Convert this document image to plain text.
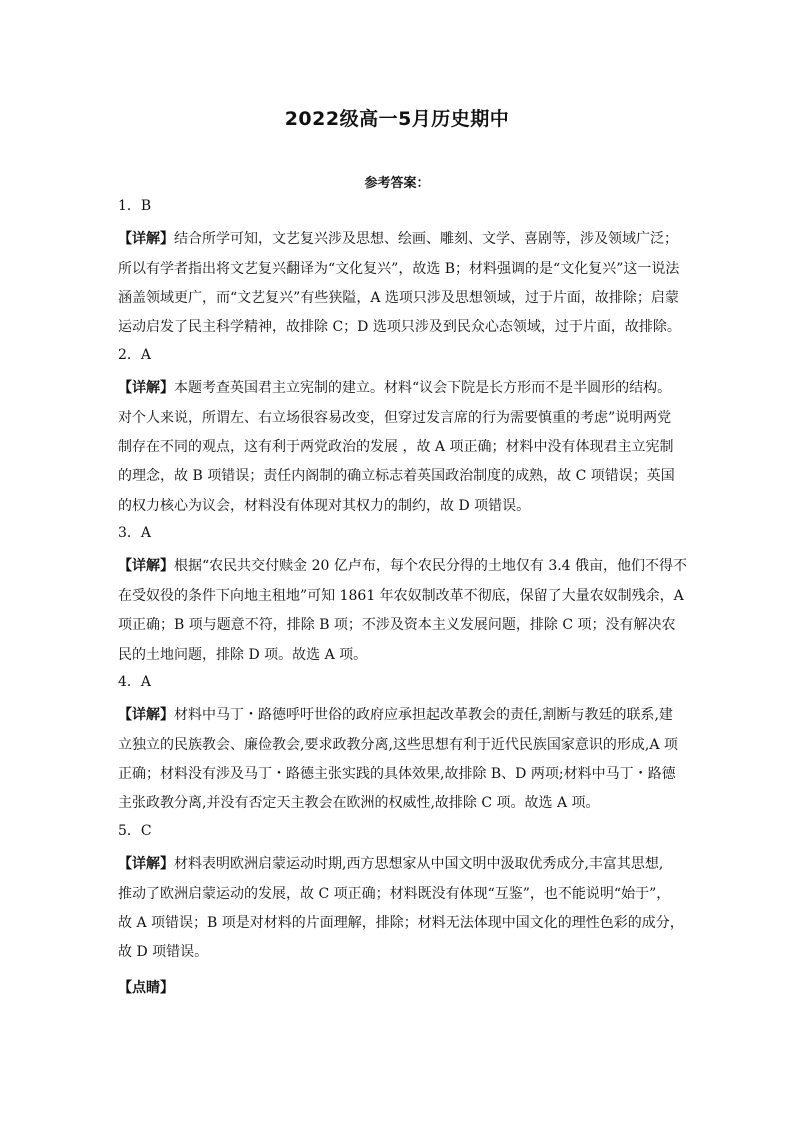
2022级高一5月历史期中
参考答案：
1．B
【详解】结合所学可知，文艺复兴涉及思想、绘画、雕刻、文学、喜剧等，涉及领域广泛；
所以有学者指出将文艺复兴翻译为“文化复兴”，故选 B；材料强调的是“文化复兴”这一说法
涵盖领域更广，而“文艺复兴”有些狭隘，A 选项只涉及思想领域，过于片面，故排除；启蒙
运动启发了民主科学精神，故排除 C；D 选项只涉及到民众心态领域，过于片面，故排除。
2．A
【详解】本题考查英国君主立宪制的建立。材料“议会下院是长方形而不是半圆形的结构。
对个人来说，所谓左、右立场很容易改变，但穿过发言席的行为需要慎重的考虑”说明两党
制存在不同的观点，这有利于两党政治的发展 ，故 A 项正确；材料中没有体现君主立宪制
的理念，故 B 项错误；责任内阁制的确立标志着英国政治制度的成熟，故 C 项错误；英国
的权力核心为议会，材料没有体现对其权力的制约，故 D 项错误。
3．A
【详解】根据“农民共交付赎金 20 亿卢布，每个农民分得的土地仅有 3.4 俄亩，他们不得不
在受奴役的条件下向地主租地”可知 1861 年农奴制改革不彻底，保留了大量农奴制残余，A
项正确；B 项与题意不符，排除 B 项；不涉及资本主义发展问题，排除 C 项；没有解决农
民的土地问题，排除 D 项。故选 A 项。
4．A
【详解】材料中马丁・路德呼吁世俗的政府应承担起改革教会的责任,割断与教廷的联系,建
立独立的民族教会、廉俭教会,要求政教分离,这些思想有利于近代民族国家意识的形成,A 项
正确；材料没有涉及马丁・路德主张实践的具体效果,故排除 B、D 两项;材料中马丁・路德
主张政教分离,并没有否定天主教会在欧洲的权威性,故排除 C 项。故选 A 项。
5．C
【详解】材料表明欧洲启蒙运动时期,西方思想家从中国文明中汲取优秀成分,丰富其思想,
推动了欧洲启蒙运动的发展，故 C 项正确；材料既没有体现“互鉴”，也不能说明“始于”，
故 A 项错误；B 项是对材料的片面理解，排除；材料无法体现中国文化的理性色彩的成分，
故 D 项错误。
【点睛】
